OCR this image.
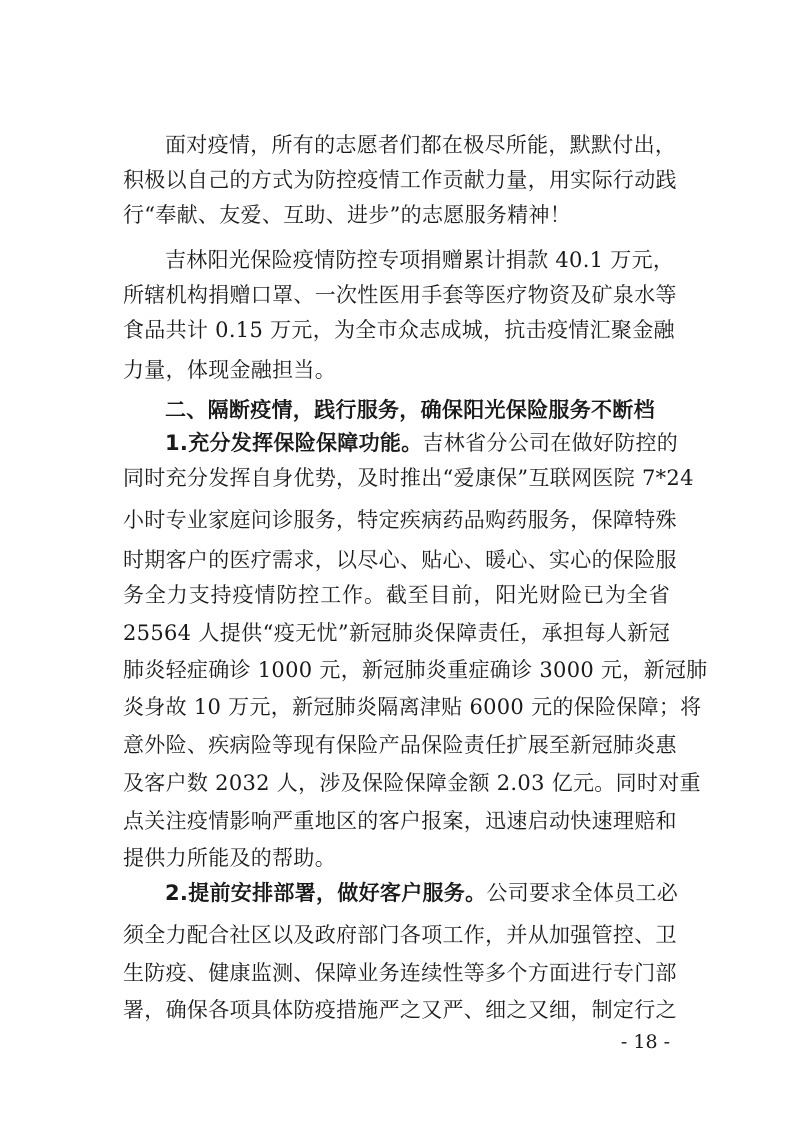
面对疫情，所有的志愿者们都在极尽所能，默默付出，
积极以自己的方式为防控疫情工作贡献力量，用实际行动践
行“奉献、友爱、互助、进步”的志愿服务精神！
吉林阳光保险疫情防控专项捐赠累计捐款 40.1 万元，
所辖机构捐赠口罩、一次性医用手套等医疗物资及矿泉水等
食品共计 0.15 万元，为全市众志成城，抗击疫情汇聚金融
力量，体现金融担当。
二、隔断疫情，践行服务，确保阳光保险服务不断档
1.充分发挥保险保障功能。吉林省分公司在做好防控的
同时充分发挥自身优势，及时推出“爱康保”互联网医院 7*24
小时专业家庭问诊服务，特定疾病药品购药服务，保障特殊
时期客户的医疗需求，以尽心、贴心、暖心、实心的保险服
务全力支持疫情防控工作。截至目前，阳光财险已为全省
25564 人提供“疫无忧”新冠肺炎保障责任，承担每人新冠
肺炎轻症确诊 1000 元，新冠肺炎重症确诊 3000 元，新冠肺
炎身故 10 万元，新冠肺炎隔离津贴 6000 元的保险保障；将
意外险、疾病险等现有保险产品保险责任扩展至新冠肺炎惠
及客户数 2032 人，涉及保险保障金额 2.03 亿元。同时对重
点关注疫情影响严重地区的客户报案，迅速启动快速理赔和
提供力所能及的帮助。
2.提前安排部署，做好客户服务。公司要求全体员工必
须全力配合社区以及政府部门各项工作，并从加强管控、卫
生防疫、健康监测、保障业务连续性等多个方面进行专门部
署，确保各项具体防疫措施严之又严、细之又细，制定行之
- 18 -
